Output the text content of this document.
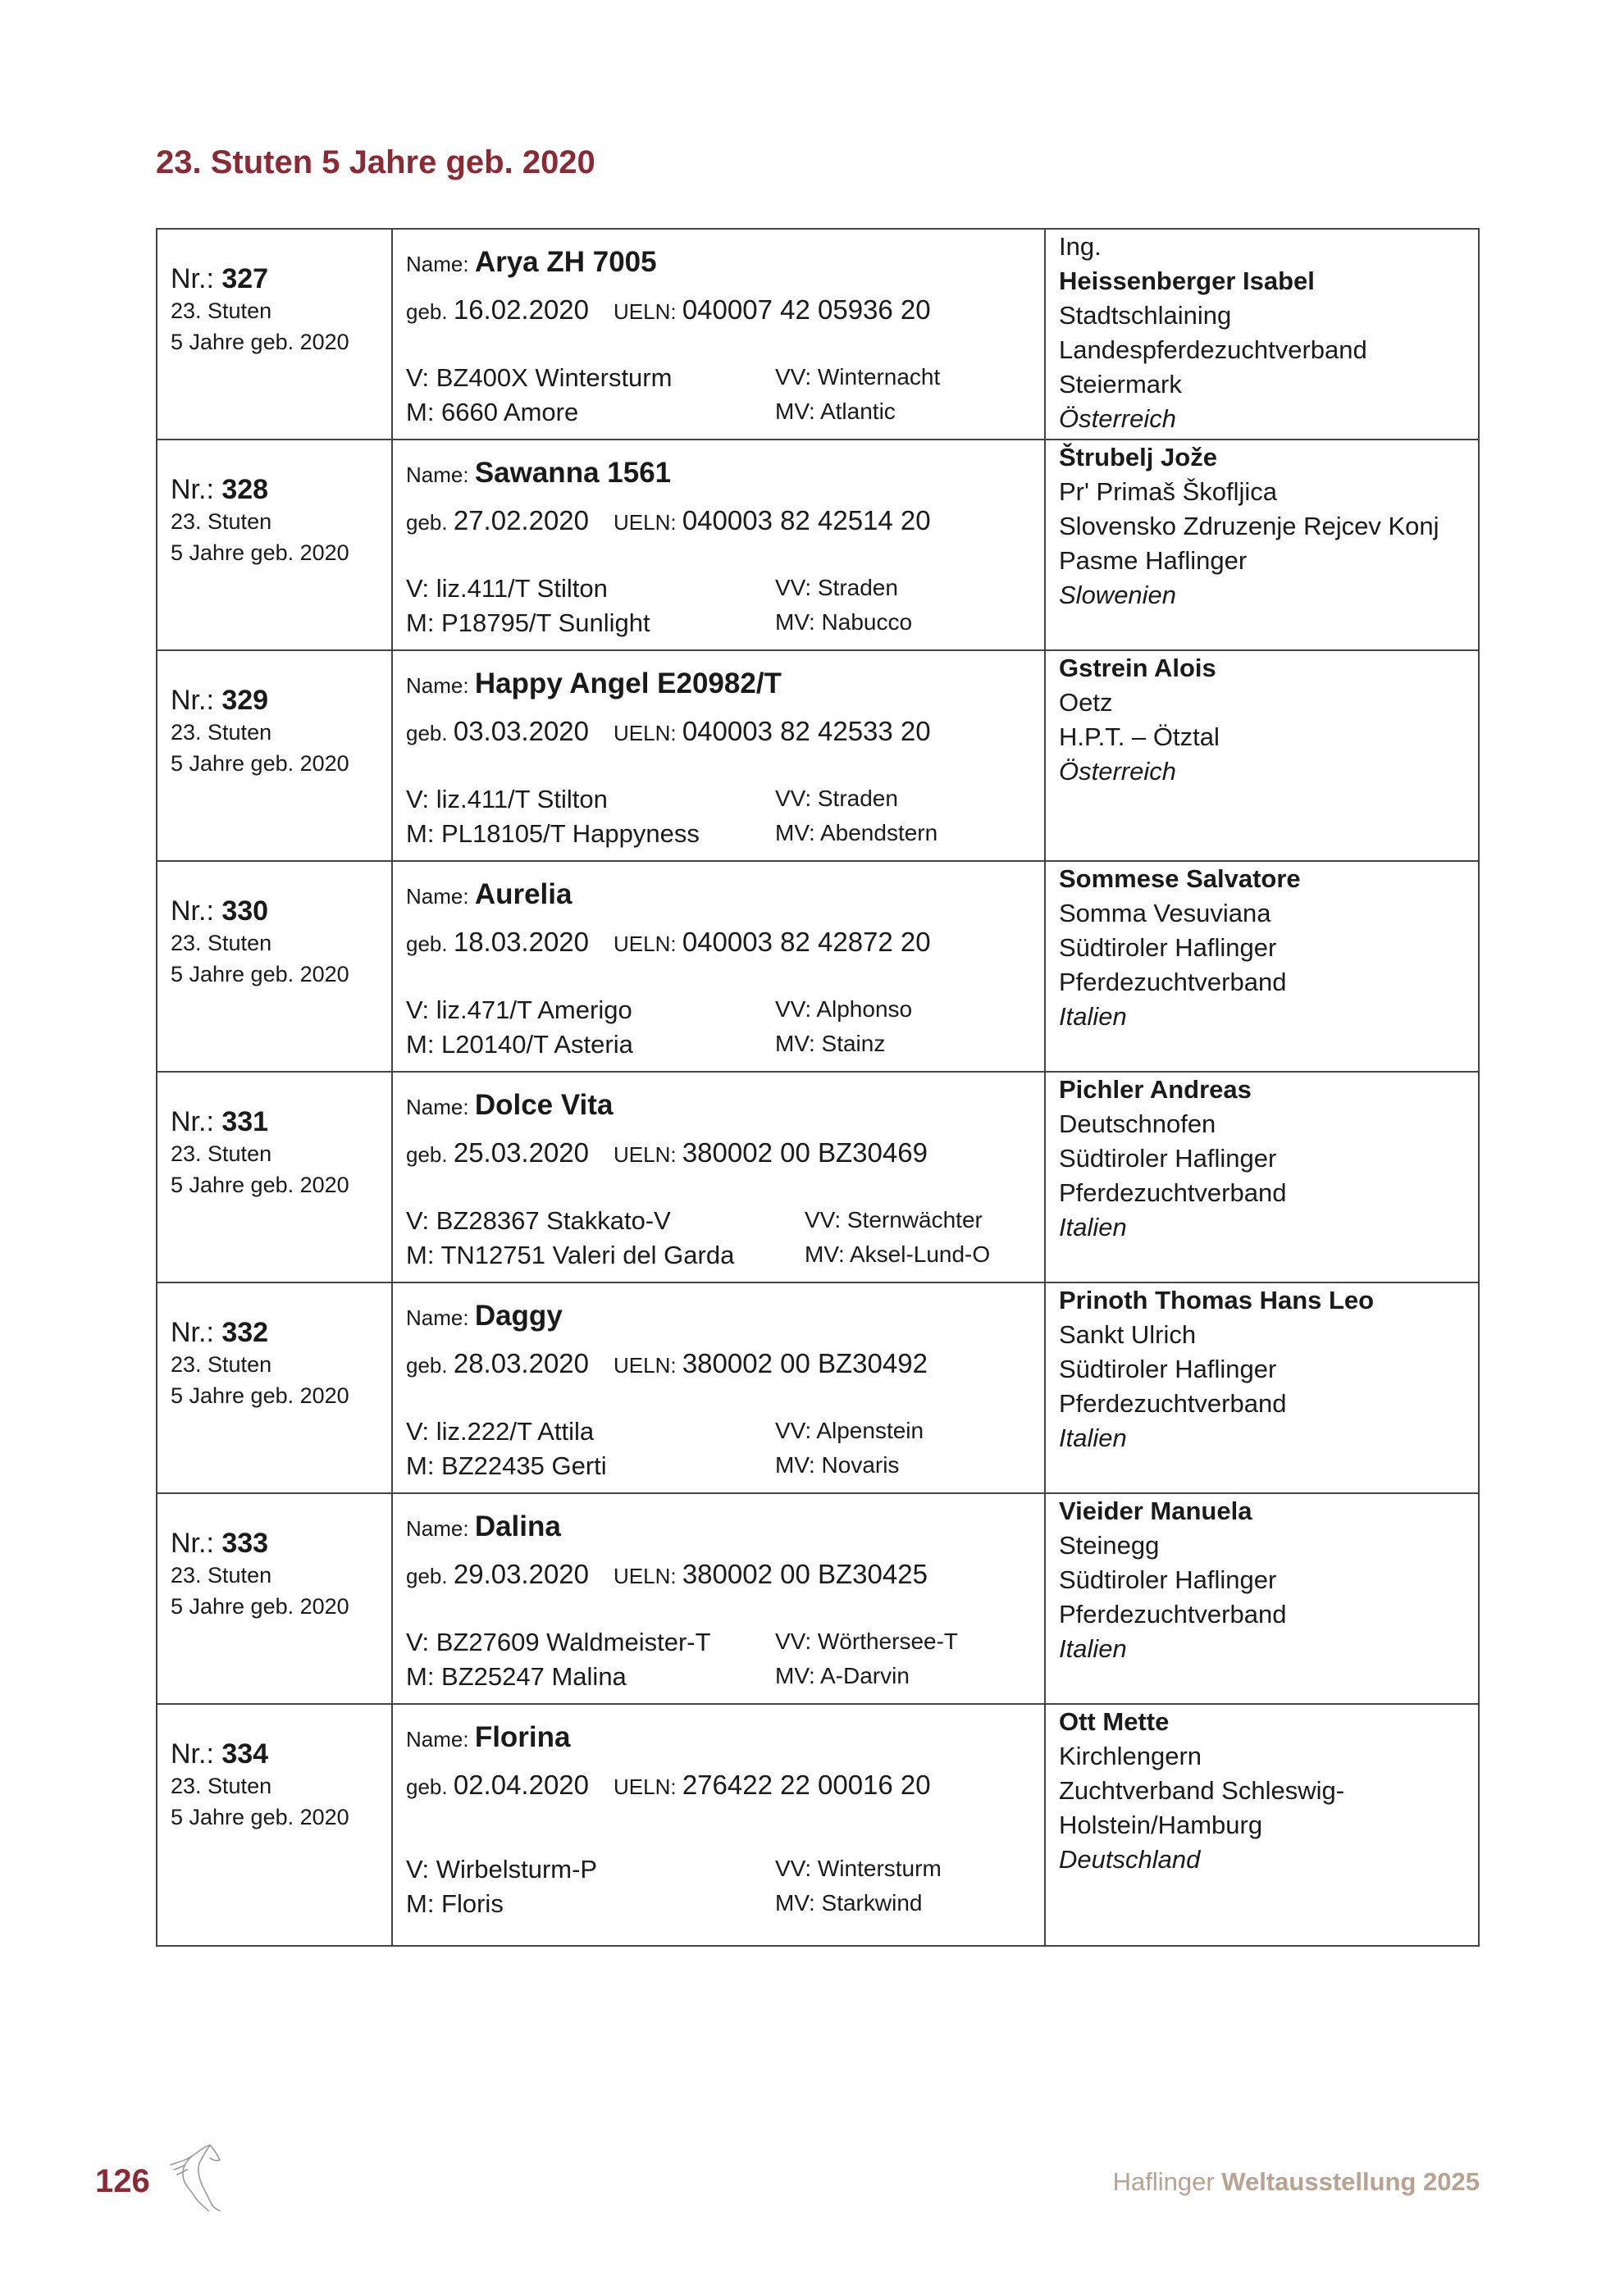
23. Stuten 5 Jahre geb. 2020
Nr.: 327
23. Stuten
5 Jahre geb. 2020
Name: Arya ZH 7005
geb. 16.02.2020 UELN: 040007 42 05936 20
V: BZ400X Wintersturm	VV: Winternacht
M: 6660 Amore	MV: Atlantic
Ing.
Heissenberger Isabel
Stadtschlaining
Landespferdezuchtverband
Steiermark
Österreich
Nr.: 328
23. Stuten
5 Jahre geb. 2020
Name: Sawanna 1561
geb. 27.02.2020 UELN: 040003 82 42514 20
V: liz.411/T Stilton	VV: Straden
M: P18795/T Sunlight	MV: Nabucco
Štrubelj Jože
Pr' Primaš Škofljica
Slovensko Zdruzenje Rejcev Konj
Pasme Haflinger
Slowenien
Nr.: 329
23. Stuten
5 Jahre geb. 2020
Name: Happy Angel E20982/T
geb. 03.03.2020 UELN: 040003 82 42533 20
V: liz.411/T Stilton	VV: Straden
M: PL18105/T Happyness	MV: Abendstern
Gstrein Alois
Oetz
H.P.T. – Ötztal
Österreich
Nr.: 330
23. Stuten
5 Jahre geb. 2020
Name: Aurelia
geb. 18.03.2020 UELN: 040003 82 42872 20
V: liz.471/T Amerigo	VV: Alphonso
M: L20140/T Asteria	MV: Stainz
Sommese Salvatore
Somma Vesuviana
Südtiroler Haflinger
Pferdezuchtverband
Italien
Nr.: 331
23. Stuten
5 Jahre geb. 2020
Name: Dolce Vita
geb. 25.03.2020 UELN: 380002 00 BZ30469
V: BZ28367 Stakkato-V	VV: Sternwächter
M: TN12751 Valeri del Garda	MV: Aksel-Lund-O
Pichler Andreas
Deutschnofen
Südtiroler Haflinger
Pferdezuchtverband
Italien
Nr.: 332
23. Stuten
5 Jahre geb. 2020
Name: Daggy
geb. 28.03.2020 UELN: 380002 00 BZ30492
V: liz.222/T Attila	VV: Alpenstein
M: BZ22435 Gerti	MV: Novaris
Prinoth Thomas Hans Leo
Sankt Ulrich
Südtiroler Haflinger
Pferdezuchtverband
Italien
Nr.: 333
23. Stuten
5 Jahre geb. 2020
Name: Dalina
geb. 29.03.2020 UELN: 380002 00 BZ30425
V: BZ27609 Waldmeister-T	VV: Wörthersee-T
M: BZ25247 Malina	MV: A-Darvin
Vieider Manuela
Steinegg
Südtiroler Haflinger
Pferdezuchtverband
Italien
Nr.: 334
23. Stuten
5 Jahre geb. 2020
Name: Florina
geb. 02.04.2020 UELN: 276422 22 00016 20
V: Wirbelsturm-P	VV: Wintersturm
M: Floris	MV: Starkwind
Ott Mette
Kirchlengern
Zuchtverband Schleswig-
Holstein/Hamburg
Deutschland
126	Haflinger Weltausstellung 2025
